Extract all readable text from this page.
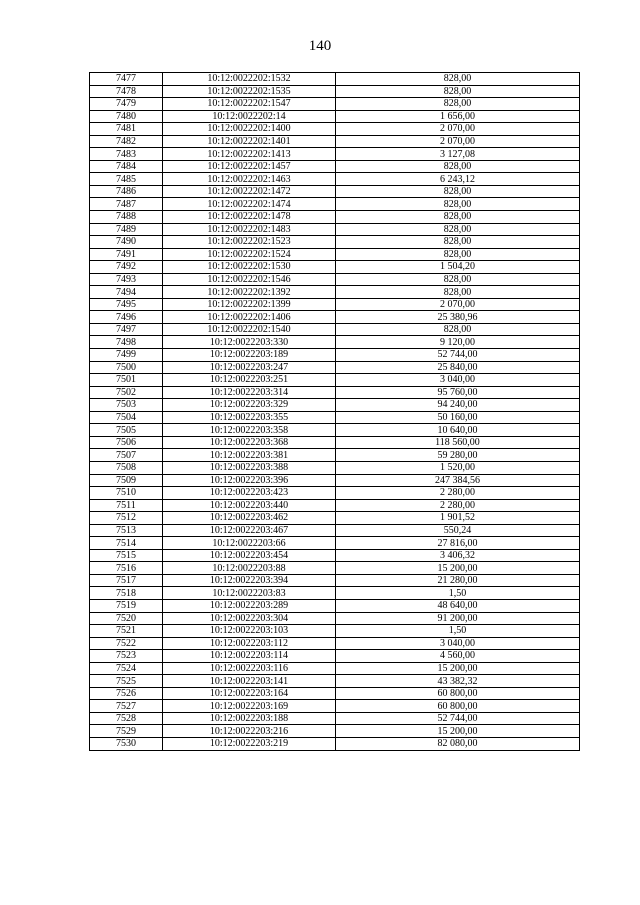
140
7477	10:12:0022202:1532	828,00
7478	10:12:0022202:1535	828,00
7479	10:12:0022202:1547	828,00
7480	10:12:0022202:14	1 656,00
7481	10:12:0022202:1400	2 070,00
7482	10:12:0022202:1401	2 070,00
7483	10:12:0022202:1413	3 127,08
7484	10:12:0022202:1457	828,00
7485	10:12:0022202:1463	6 243,12
7486	10:12:0022202:1472	828,00
7487	10:12:0022202:1474	828,00
7488	10:12:0022202:1478	828,00
7489	10:12:0022202:1483	828,00
7490	10:12:0022202:1523	828,00
7491	10:12:0022202:1524	828,00
7492	10:12:0022202:1530	1 504,20
7493	10:12:0022202:1546	828,00
7494	10:12:0022202:1392	828,00
7495	10:12:0022202:1399	2 070,00
7496	10:12:0022202:1406	25 380,96
7497	10:12:0022202:1540	828,00
7498	10:12:0022203:330	9 120,00
7499	10:12:0022203:189	52 744,00
7500	10:12:0022203:247	25 840,00
7501	10:12:0022203:251	3 040,00
7502	10:12:0022203:314	95 760,00
7503	10:12:0022203:329	94 240,00
7504	10:12:0022203:355	50 160,00
7505	10:12:0022203:358	10 640,00
7506	10:12:0022203:368	118 560,00
7507	10:12:0022203:381	59 280,00
7508	10:12:0022203:388	1 520,00
7509	10:12:0022203:396	247 384,56
7510	10:12:0022203:423	2 280,00
7511	10:12:0022203:440	2 280,00
7512	10:12:0022203:462	1 901,52
7513	10:12:0022203:467	550,24
7514	10:12:0022203:66	27 816,00
7515	10:12:0022203:454	3 406,32
7516	10:12:0022203:88	15 200,00
7517	10:12:0022203:394	21 280,00
7518	10:12:0022203:83	1,50
7519	10:12:0022203:289	48 640,00
7520	10:12:0022203:304	91 200,00
7521	10:12:0022203:103	1,50
7522	10:12:0022203:112	3 040,00
7523	10:12:0022203:114	4 560,00
7524	10:12:0022203:116	15 200,00
7525	10:12:0022203:141	43 382,32
7526	10:12:0022203:164	60 800,00
7527	10:12:0022203:169	60 800,00
7528	10:12:0022203:188	52 744,00
7529	10:12:0022203:216	15 200,00
7530	10:12:0022203:219	82 080,00
